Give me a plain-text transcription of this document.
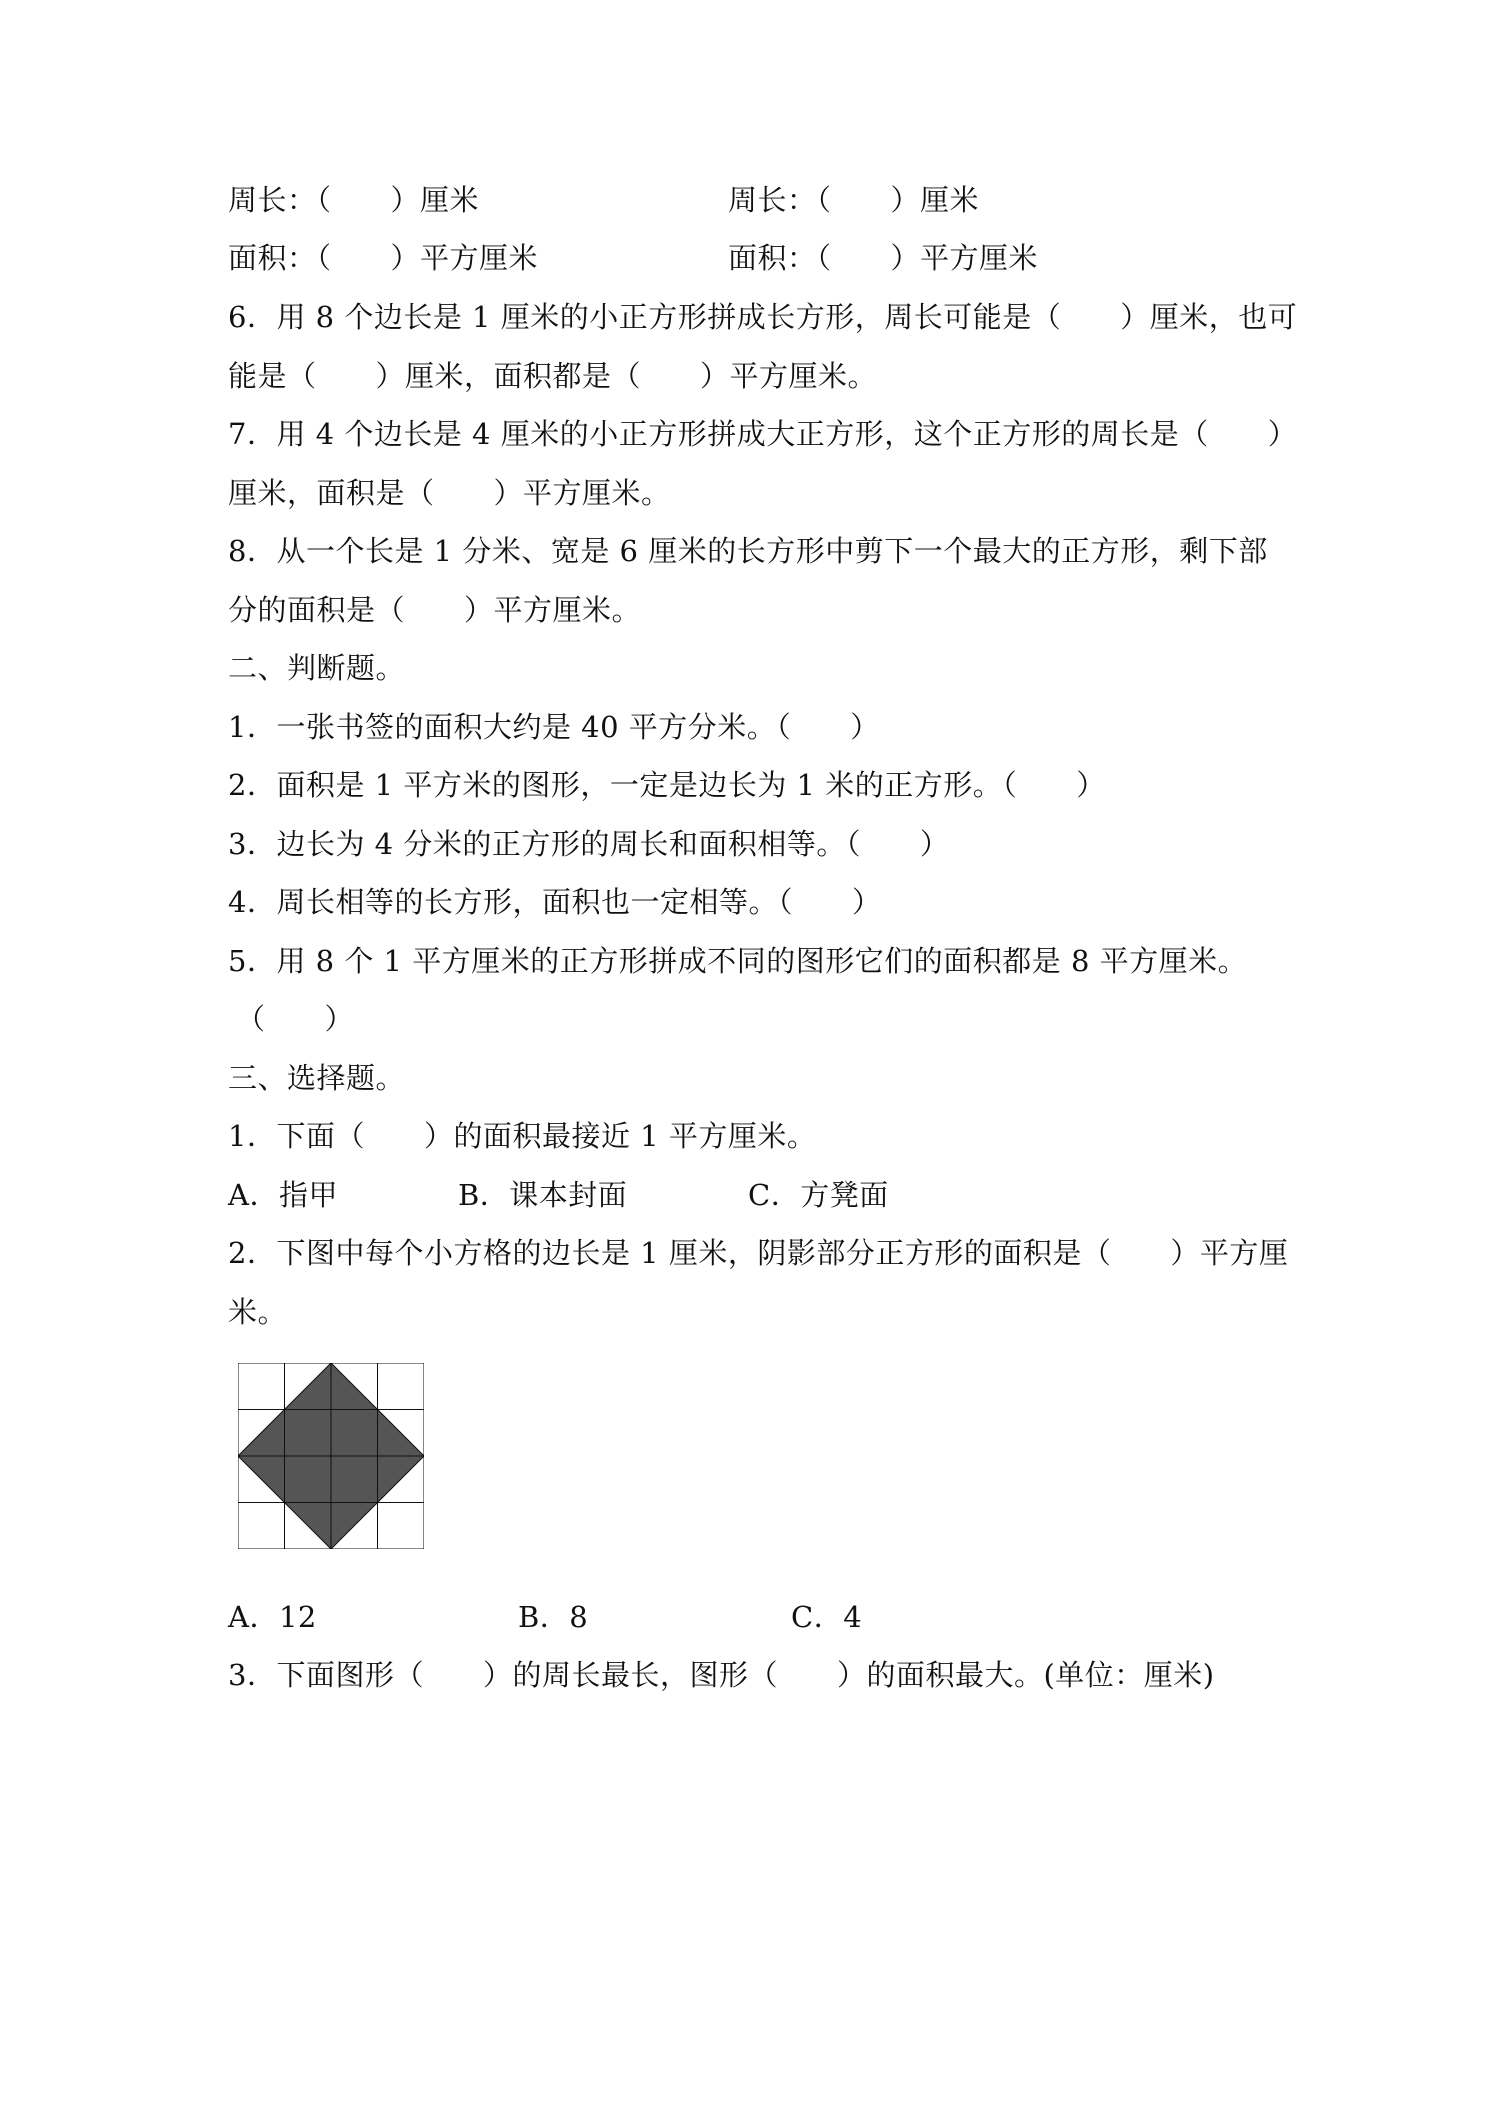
周长：（　　）厘米	周长：（　　）厘米
面积：（　　）平方厘米	面积：（　　）平方厘米
6．用 8 个边长是 1 厘米的小正方形拼成长方形，周长可能是（　　）厘米，也可
能是（　　）厘米，面积都是（　　）平方厘米。
7．用 4 个边长是 4 厘米的小正方形拼成大正方形，这个正方形的周长是（　　）
厘米，面积是（　　）平方厘米。
8．从一个长是 1 分米、宽是 6 厘米的长方形中剪下一个最大的正方形，剩下部
分的面积是（　　）平方厘米。
二、判断题。
1．一张书签的面积大约是 40 平方分米。（　　）
2．面积是 1 平方米的图形，一定是边长为 1 米的正方形。（　　）
3．边长为 4 分米的正方形的周长和面积相等。（　　）
4．周长相等的长方形，面积也一定相等。（　　）
5．用 8 个 1 平方厘米的正方形拼成不同的图形它们的面积都是 8 平方厘米。
（　　）
三、选择题。
1．下面（　　）的面积最接近 1 平方厘米。
A．指甲	B．课本封面	C．方凳面
2．下图中每个小方格的边长是 1 厘米，阴影部分正方形的面积是（　　）平方厘
米。
A．12	B．8	C．4
3．下面图形（　　）的周长最长，图形（　　）的面积最大。(单位：厘米)
